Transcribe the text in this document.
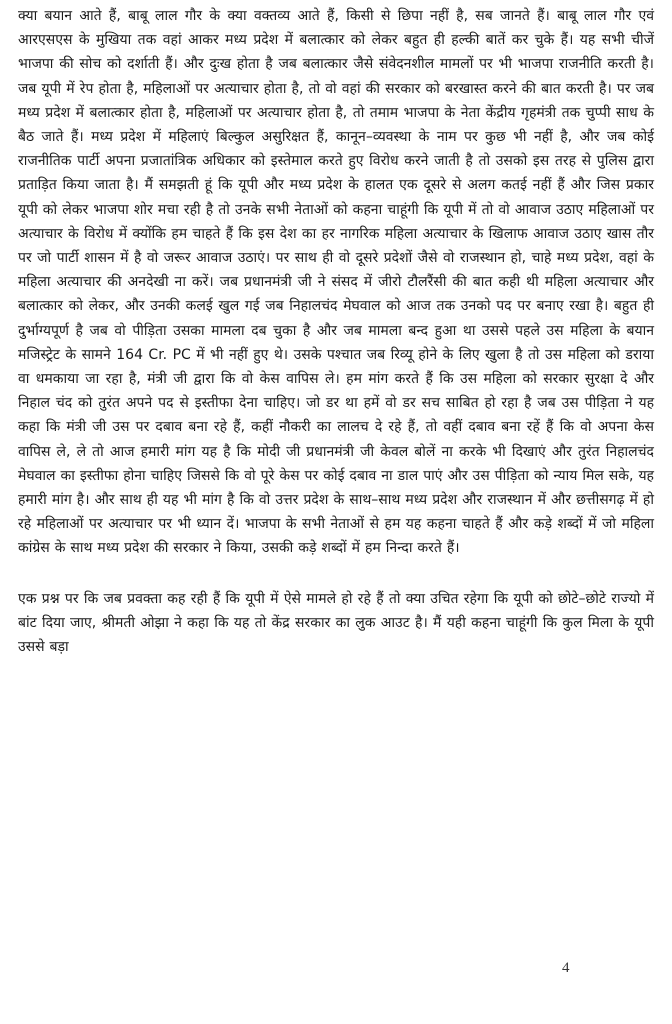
क्या बयान आते हैं, बाबू लाल गौर के क्या वक्तव्य आते हैं, किसी से छिपा नहीं है, सब जानते हैं। बाबू लाल गौर एवं आरएसएस के मुखिया तक वहां आकर मध्य प्रदेश में बलात्कार को लेकर बहुत ही हल्की बातें कर चुके हैं। यह सभी चीजें भाजपा की सोच को दर्शाती हैं। और दुःख होता है जब बलात्कार जैसे संवेदनशील मामलों पर भी भाजपा राजनीति करती है। जब यूपी में रेप होता है, महिलाओं पर अत्याचार होता है, तो वो वहां की सरकार को बरखास्त करने की बात करती है। पर जब मध्य प्रदेश में बलात्कार होता है, महिलाओं पर अत्याचार होता है, तो तमाम भाजपा के नेता केंद्रीय गृहमंत्री तक चुप्पी साध के बैठ जाते हैं। मध्य प्रदेश में महिलाएं बिल्कुल असुरिक्षत हैं, कानून–व्यवस्था के नाम पर कुछ भी नहीं है, और जब कोई राजनीतिक पार्टी अपना प्रजातांत्रिक अधिकार को इस्तेमाल करते हुए विरोध करने जाती है तो उसको इस तरह से पुलिस द्वारा प्रताड़ित किया जाता है। मैं समझती हूं कि यूपी और मध्य प्रदेश के हालत एक दूसरे से अलग कतई नहीं हैं और जिस प्रकार यूपी को लेकर भाजपा शोर मचा रही है तो उनके सभी नेताओं को कहना चाहूंगी कि यूपी में तो वो आवाज उठाए महिलाओं पर अत्याचार के विरोध में क्योंकि हम चाहते हैं कि इस देश का हर नागरिक महिला अत्याचार के खिलाफ आवाज उठाए खास तौर पर जो पार्टी शासन में है वो जरूर आवाज उठाएं। पर साथ ही वो दूसरे प्रदेशों जैसे वो राजस्थान हो, चाहे मध्य प्रदेश, वहां के महिला अत्याचार की अनदेखी ना करें। जब प्रधानमंत्री जी ने संसद में जीरो टौलरैंसी की बात कही थी महिला अत्याचार और बलात्कार को लेकर, और उनकी कलई खुल गई जब निहालचंद मेघवाल को आज तक उनको पद पर बनाए रखा है। बहुत ही दुर्भाग्यपूर्ण है जब वो पीड़िता उसका मामला दब चुका है और जब मामला बन्द हुआ था उससे पहले उस महिला के बयान मजिस्ट्रेट के सामने 164 Cr. PC में भी नहीं हुए थे। उसके पश्चात जब रिव्यू होने के लिए खुला है तो उस महिला को डराया वा धमकाया जा रहा है, मंत्री जी द्वारा कि वो केस वापिस ले। हम मांग करते हैं कि उस महिला को सरकार सुरक्षा दे और निहाल चंद को तुरंत अपने पद से इस्तीफा देना चाहिए। जो डर था हमें वो डर सच साबित हो रहा है जब उस पीड़िता ने यह कहा कि मंत्री जी उस पर दबाव बना रहे हैं, कहीं नौकरी का लालच दे रहे हैं, तो वहीं दबाव बना रहें हैं कि वो अपना केस वापिस ले, ले तो आज हमारी मांग यह है कि मोदी जी प्रधानमंत्री जी केवल बोलें ना करके भी दिखाएं और तुरंत निहालचंद मेघवाल का इस्तीफा होना चाहिए जिससे कि वो पूरे केस पर कोई दबाव ना डाल पाएं और उस पीड़िता को न्याय मिल सके, यह हमारी मांग है। और साथ ही यह भी मांग है कि वो उत्तर प्रदेश के साथ–साथ मध्य प्रदेश और राजस्थान में और छत्तीसगढ़ में हो रहे महिलाओं पर अत्याचार पर भी ध्यान दें। भाजपा के सभी नेताओं से हम यह कहना चाहते हैं और कड़े शब्दों में जो महिला कांग्रेस के साथ मध्य प्रदेश की सरकार ने किया, उसकी कड़े शब्दों में हम निन्दा करते हैं।

एक प्रश्न पर कि जब प्रवक्ता कह रही हैं कि यूपी में ऐसे मामले हो रहे हैं तो क्या उचित रहेगा कि यूपी को छोटे–छोटे राज्यो में बांट दिया जाए, श्रीमती ओझा ने कहा कि यह तो केंद्र सरकार का लुक आउट है। मैं यही कहना चाहूंगी कि कुल मिला के यूपी उससे बड़ा

4
